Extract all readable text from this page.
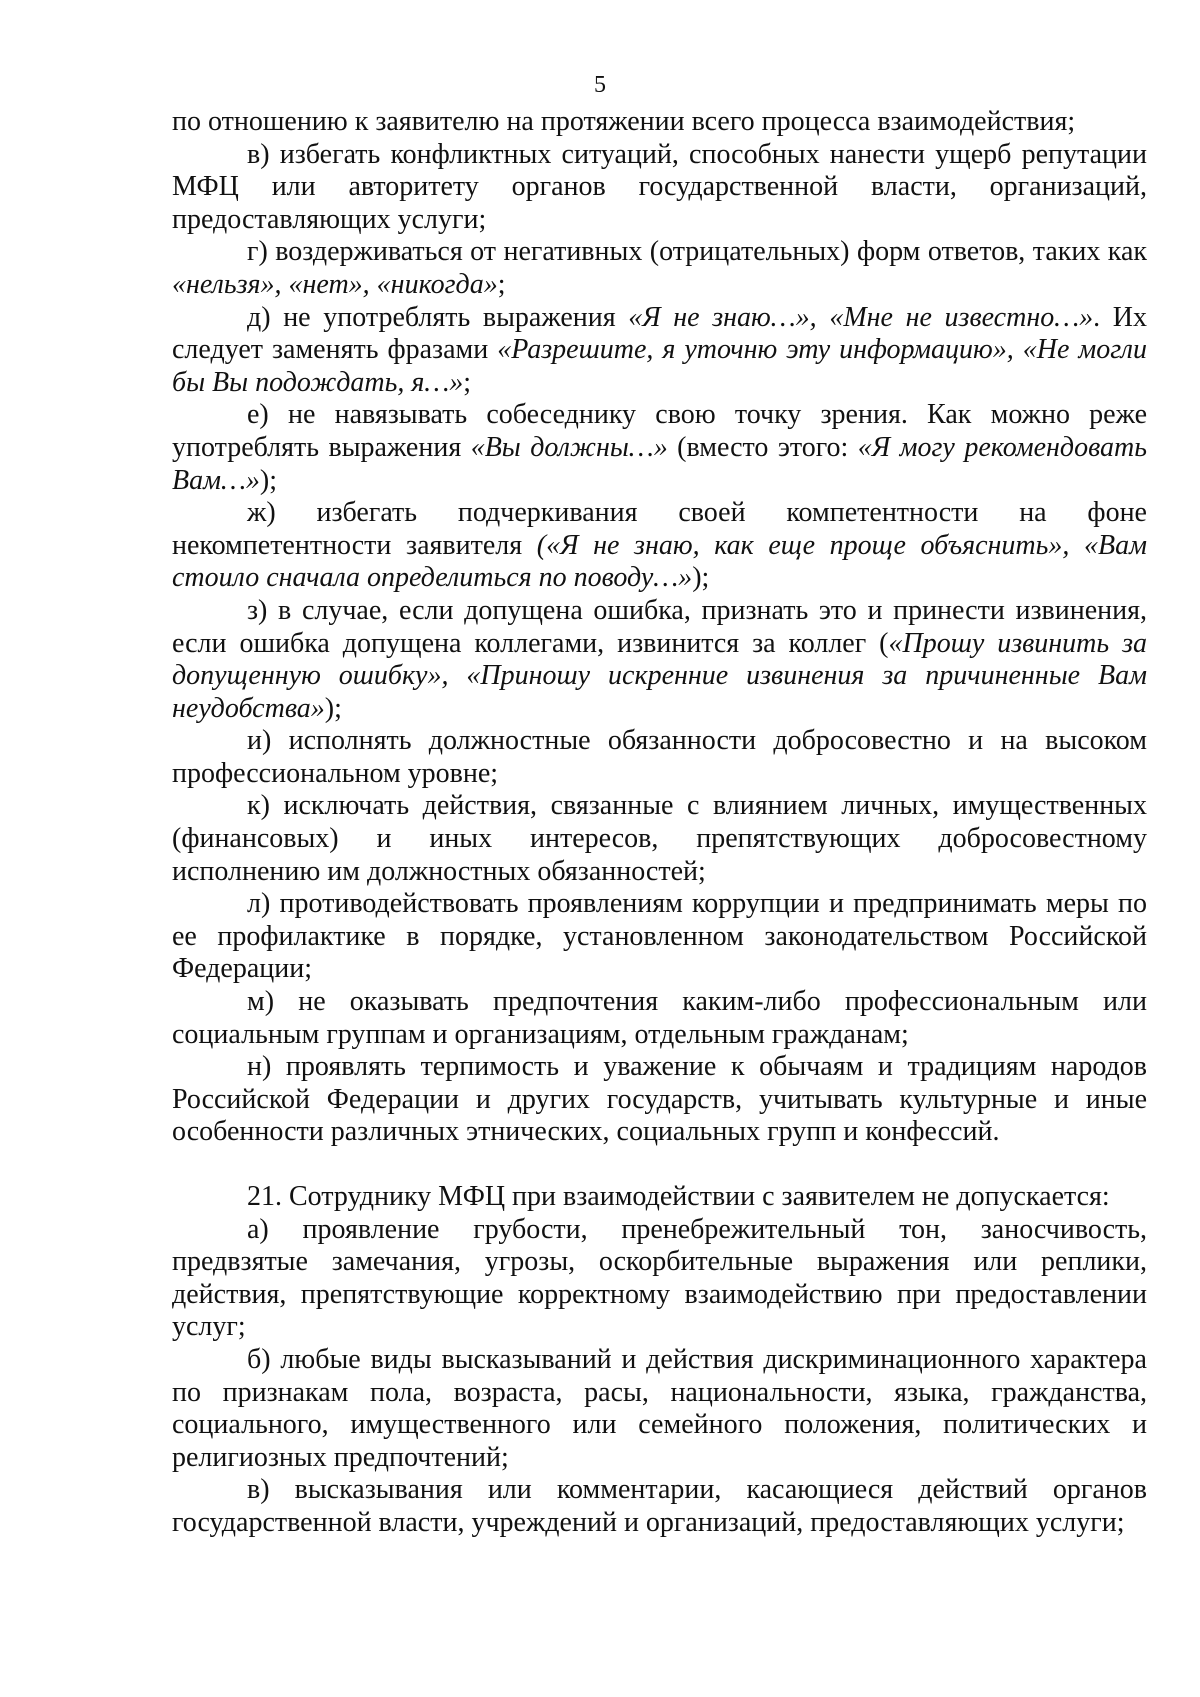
5

по отношению к заявителю на протяжении всего процесса взаимодействия;

в) избегать конфликтных ситуаций, способных нанести ущерб репутации МФЦ или авторитету органов государственной власти, организаций, предоставляющих услуги;

г) воздерживаться от негативных (отрицательных) форм ответов, таких как «нельзя», «нет», «никогда»;

д) не употреблять выражения «Я не знаю…», «Мне не известно…». Их следует заменять фразами «Разрешите, я уточню эту информацию», «Не могли бы Вы подождать, я…»;

е) не навязывать собеседнику свою точку зрения. Как можно реже употреблять выражения «Вы должны…» (вместо этого: «Я могу рекомендовать Вам…»);

ж) избегать подчеркивания своей компетентности на фоне некомпетентности заявителя («Я не знаю, как еще проще объяснить», «Вам стоило сначала определиться по поводу…»);

з) в случае, если допущена ошибка, признать это и принести извинения, если ошибка допущена коллегами, извинится за коллег («Прошу извинить за допущенную ошибку», «Приношу искренние извинения за причиненные Вам неудобства»);

и) исполнять должностные обязанности добросовестно и на высоком профессиональном уровне;

к) исключать действия, связанные с влиянием личных, имущественных (финансовых) и иных интересов, препятствующих добросовестному исполнению им должностных обязанностей;

л) противодействовать проявлениям коррупции и предпринимать меры по ее профилактике в порядке, установленном законодательством Российской Федерации;

м) не оказывать предпочтения каким-либо профессиональным или социальным группам и организациям, отдельным гражданам;

н) проявлять терпимость и уважение к обычаям и традициям народов Российской Федерации и других государств, учитывать культурные и иные особенности различных этнических, социальных групп и конфессий.

21. Сотруднику МФЦ при взаимодействии с заявителем не допускается:

а) проявление грубости, пренебрежительный тон, заносчивость, предвзятые замечания, угрозы, оскорбительные выражения или реплики, действия, препятствующие корректному взаимодействию при предоставлении услуг;

б) любые виды высказываний и действия дискриминационного характера по признакам пола, возраста, расы, национальности, языка, гражданства, социального, имущественного или семейного положения, политических и религиозных предпочтений;

в) высказывания или комментарии, касающиеся действий органов государственной власти, учреждений и организаций, предоставляющих услуги;
